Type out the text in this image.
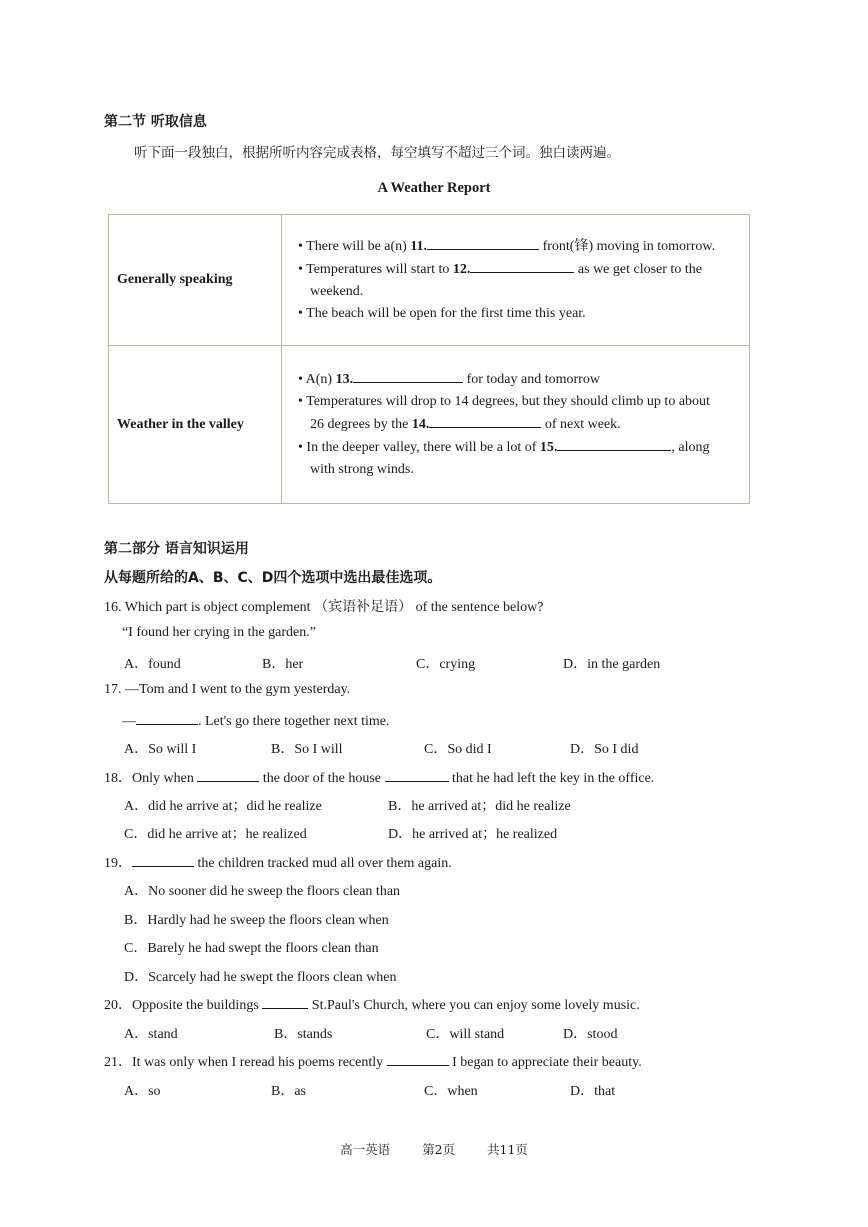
第二节 听取信息
听下面一段独白，根据所听内容完成表格，每空填写不超过三个词。独白读两遍。
A Weather Report
Generally speaking	• There will be a(n) 11. front(锋) moving in tomorrow.
• Temperatures will start to 12. as we get closer to the
weekend.
• The beach will be open for the first time this year.

Weather in the valley	• A(n) 13. for today and tomorrow
• Temperatures will drop to 14 degrees, but they should climb up to about
26 degrees by the 14. of next week.
• In the deeper valley, there will be a lot of 15. , along
with strong winds.
第二部分 语言知识运用
从每题所给的A、B、C、D四个选项中选出最佳选项。
16. Which part is object complement （宾语补足语） of the sentence below?
“I found her crying in the garden.”
A．found	B．her	C．crying	D．in the garden
17. —Tom and I went to the gym yesterday.
—	. Let's go there together next time.
A．So will I	B．So I will	C．So did I	D．So I did
18．Only when	the door of the house	that he had left the key in the office.
A．did he arrive at；did he realize	B．he arrived at；did he realize
C．did he arrive at；he realized	D．he arrived at；he realized
19．	the children tracked mud all over them again.
A．No sooner did he sweep the floors clean than
B．Hardly had he sweep the floors clean when
C．Barely he had swept the floors clean than
D．Scarcely had he swept the floors clean when
20．Opposite the buildings	St.Paul's Church, where you can enjoy some lovely music.
A．stand	B．stands	C．will stand	D．stood
21．It was only when I reread his poems recently	I began to appreciate their beauty.
A．so	B．as	C．when	D．that
高一英语	第2页	共11页
